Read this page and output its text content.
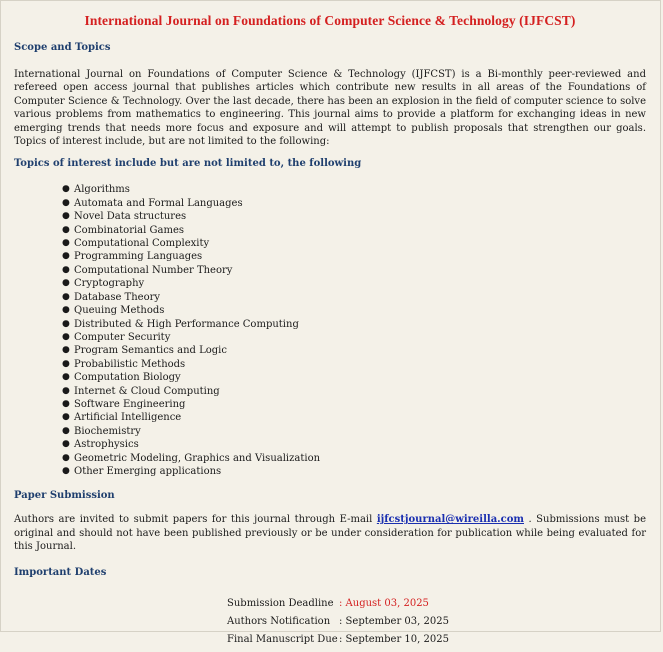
International Journal on Foundations of Computer Science & Technology (IJFCST)
Scope and Topics

International Journal on Foundations of Computer Science & Technology (IJFCST) is a Bi-monthly peer-reviewed and refereed open access journal that publishes articles which contribute new results in all areas of the Foundations of Computer Science & Technology. Over the last decade, there has been an explosion in the field of computer science to solve various problems from mathematics to engineering. This journal aims to provide a platform for exchanging ideas in new emerging trends that needs more focus and exposure and will attempt to publish proposals that strengthen our goals. Topics of interest include, but are not limited to the following:

Topics of interest include but are not limited to, the following
● Algorithms
● Automata and Formal Languages
● Novel Data structures
● Combinatorial Games
● Computational Complexity
● Programming Languages
● Computational Number Theory
● Cryptography
● Database Theory
● Queuing Methods
● Distributed & High Performance Computing
● Computer Security
● Program Semantics and Logic
● Probabilistic Methods
● Computation Biology
● Internet & Cloud Computing
● Software Engineering
● Artificial Intelligence
● Biochemistry
● Astrophysics
● Geometric Modeling, Graphics and Visualization
● Other Emerging applications
Paper Submission

Authors are invited to submit papers for this journal through E-mail ijfcstjournal@wireilla.com . Submissions must be original and should not have been published previously or be under consideration for publication while being evaluated for this Journal.

Important Dates
Submission Deadline	: August 03, 2025
Authors Notification	: September 03, 2025
Final Manuscript Due	: September 10, 2025
